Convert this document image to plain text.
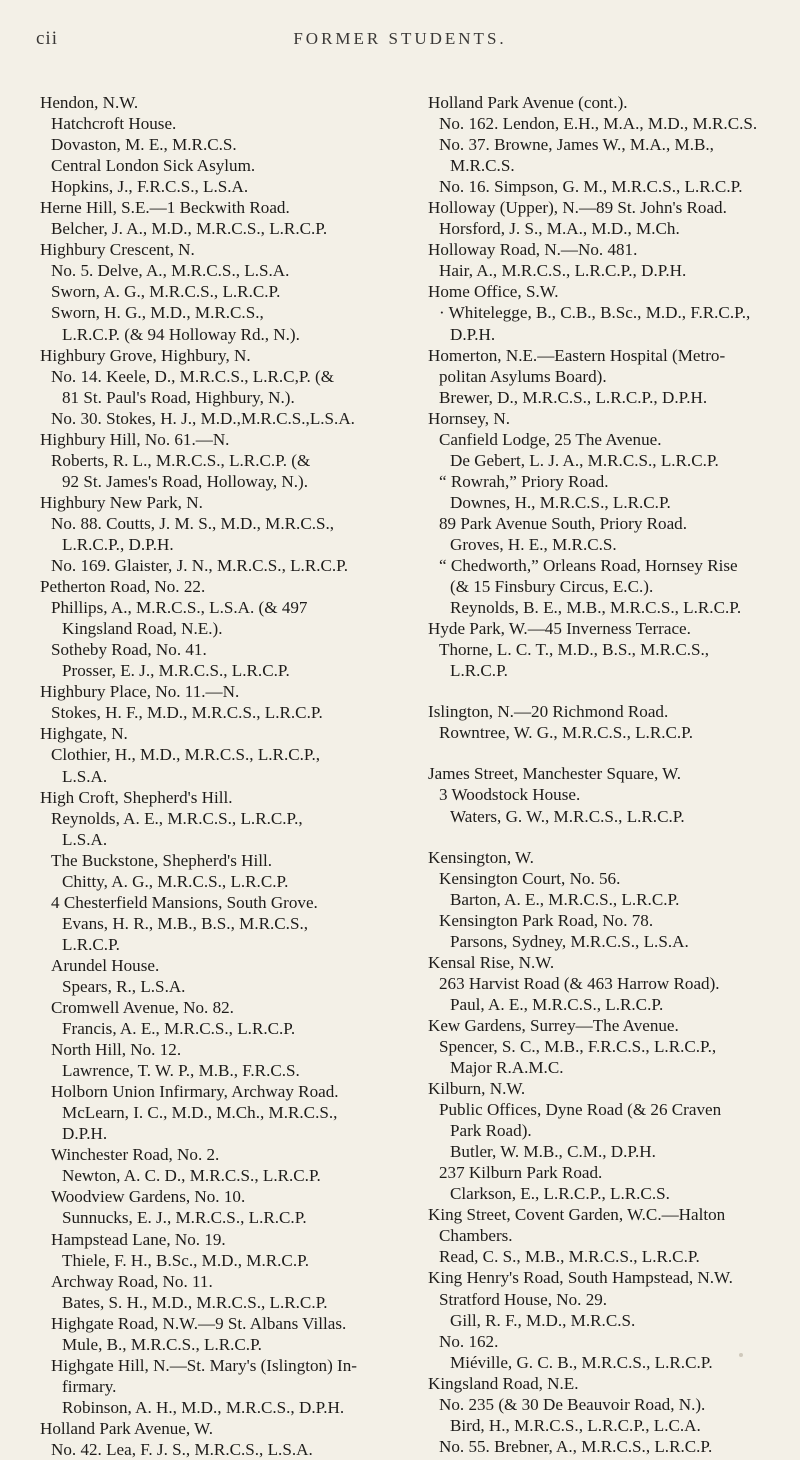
cii	FORMER STUDENTS.
Hendon, N.W.
Hatchcroft House.
Dovaston, M. E., M.R.C.S.
Central London Sick Asylum.
Hopkins, J., F.R.C.S., L.S.A.
Herne Hill, S.E.—1 Beckwith Road.
Belcher, J. A., M.D., M.R.C.S., L.R.C.P.
Highbury Crescent, N.
No. 5. Delve, A., M.R.C.S., L.S.A.
Sworn, A. G., M.R.C.S., L.R.C.P.
Sworn, H. G., M.D., M.R.C.S.,
L.R.C.P. (& 94 Holloway Rd., N.).
Highbury Grove, Highbury, N.
No. 14. Keele, D., M.R.C.S., L.R.C,P. (&
81 St. Paul's Road, Highbury, N.).
No. 30. Stokes, H. J., M.D.,M.R.C.S.,L.S.A.
Highbury Hill, No. 61.—N.
Roberts, R. L., M.R.C.S., L.R.C.P. (&
92 St. James's Road, Holloway, N.).
Highbury New Park, N.
No. 88. Coutts, J. M. S., M.D., M.R.C.S.,
L.R.C.P., D.P.H.
No. 169. Glaister, J. N., M.R.C.S., L.R.C.P.
Petherton Road, No. 22.
Phillips, A., M.R.C.S., L.S.A. (& 497
Kingsland Road, N.E.).
Sotheby Road, No. 41.
Prosser, E. J., M.R.C.S., L.R.C.P.
Highbury Place, No. 11.—N.
Stokes, H. F., M.D., M.R.C.S., L.R.C.P.
Highgate, N.
Clothier, H., M.D., M.R.C.S., L.R.C.P.,
L.S.A.
High Croft, Shepherd's Hill.
Reynolds, A. E., M.R.C.S., L.R.C.P.,
L.S.A.
The Buckstone, Shepherd's Hill.
Chitty, A. G., M.R.C.S., L.R.C.P.
4 Chesterfield Mansions, South Grove.
Evans, H. R., M.B., B.S., M.R.C.S.,
L.R.C.P.
Arundel House.
Spears, R., L.S.A.
Cromwell Avenue, No. 82.
Francis, A. E., M.R.C.S., L.R.C.P.
North Hill, No. 12.
Lawrence, T. W. P., M.B., F.R.C.S.
Holborn Union Infirmary, Archway Road.
McLearn, I. C., M.D., M.Ch., M.R.C.S.,
D.P.H.
Winchester Road, No. 2.
Newton, A. C. D., M.R.C.S., L.R.C.P.
Woodview Gardens, No. 10.
Sunnucks, E. J., M.R.C.S., L.R.C.P.
Hampstead Lane, No. 19.
Thiele, F. H., B.Sc., M.D., M.R.C.P.
Archway Road, No. 11.
Bates, S. H., M.D., M.R.C.S., L.R.C.P.
Highgate Road, N.W.—9 St. Albans Villas.
Mule, B., M.R.C.S., L.R.C.P.
Highgate Hill, N.—St. Mary's (Islington) In-
firmary.
Robinson, A. H., M.D., M.R.C.S., D.P.H.
Holland Park Avenue, W.
No. 42. Lea, F. J. S., M.R.C.S., L.S.A.
Holland Park Avenue (cont.).
No. 162. Lendon, E.H., M.A., M.D., M.R.C.S.
No. 37. Browne, James W., M.A., M.B.,
M.R.C.S.
No. 16. Simpson, G. M., M.R.C.S., L.R.C.P.
Holloway (Upper), N.—89 St. John's Road.
Horsford, J. S., M.A., M.D., M.Ch.
Holloway Road, N.—No. 481.
Hair, A., M.R.C.S., L.R.C.P., D.P.H.
Home Office, S.W.
· Whitelegge, B., C.B., B.Sc., M.D., F.R.C.P.,
D.P.H.
Homerton, N.E.—Eastern Hospital (Metro-
politan Asylums Board).
Brewer, D., M.R.C.S., L.R.C.P., D.P.H.
Hornsey, N.
Canfield Lodge, 25 The Avenue.
De Gebert, L. J. A., M.R.C.S., L.R.C.P.
“ Rowrah,” Priory Road.
Downes, H., M.R.C.S., L.R.C.P.
89 Park Avenue South, Priory Road.
Groves, H. E., M.R.C.S.
“ Chedworth,” Orleans Road, Hornsey Rise
(& 15 Finsbury Circus, E.C.).
Reynolds, B. E., M.B., M.R.C.S., L.R.C.P.
Hyde Park, W.—45 Inverness Terrace.
Thorne, L. C. T., M.D., B.S., M.R.C.S.,
L.R.C.P.
Islington, N.—20 Richmond Road.
Rowntree, W. G., M.R.C.S., L.R.C.P.
James Street, Manchester Square, W.
3 Woodstock House.
Waters, G. W., M.R.C.S., L.R.C.P.
Kensington, W.
Kensington Court, No. 56.
Barton, A. E., M.R.C.S., L.R.C.P.
Kensington Park Road, No. 78.
Parsons, Sydney, M.R.C.S., L.S.A.
Kensal Rise, N.W.
263 Harvist Road (& 463 Harrow Road).
Paul, A. E., M.R.C.S., L.R.C.P.
Kew Gardens, Surrey—The Avenue.
Spencer, S. C., M.B., F.R.C.S., L.R.C.P.,
Major R.A.M.C.
Kilburn, N.W.
Public Offices, Dyne Road (& 26 Craven
Park Road).
Butler, W. M.B., C.M., D.P.H.
237 Kilburn Park Road.
Clarkson, E., L.R.C.P., L.R.C.S.
King Street, Covent Garden, W.C.—Halton
Chambers.
Read, C. S., M.B., M.R.C.S., L.R.C.P.
King Henry's Road, South Hampstead, N.W.
Stratford House, No. 29.
Gill, R. F., M.D., M.R.C.S.
No. 162.
Miéville, G. C. B., M.R.C.S., L.R.C.P.
Kingsland Road, N.E.
No. 235 (& 30 De Beauvoir Road, N.).
Bird, H., M.R.C.S., L.R.C.P., L.C.A.
No. 55. Brebner, A., M.R.C.S., L.R.C.P.
